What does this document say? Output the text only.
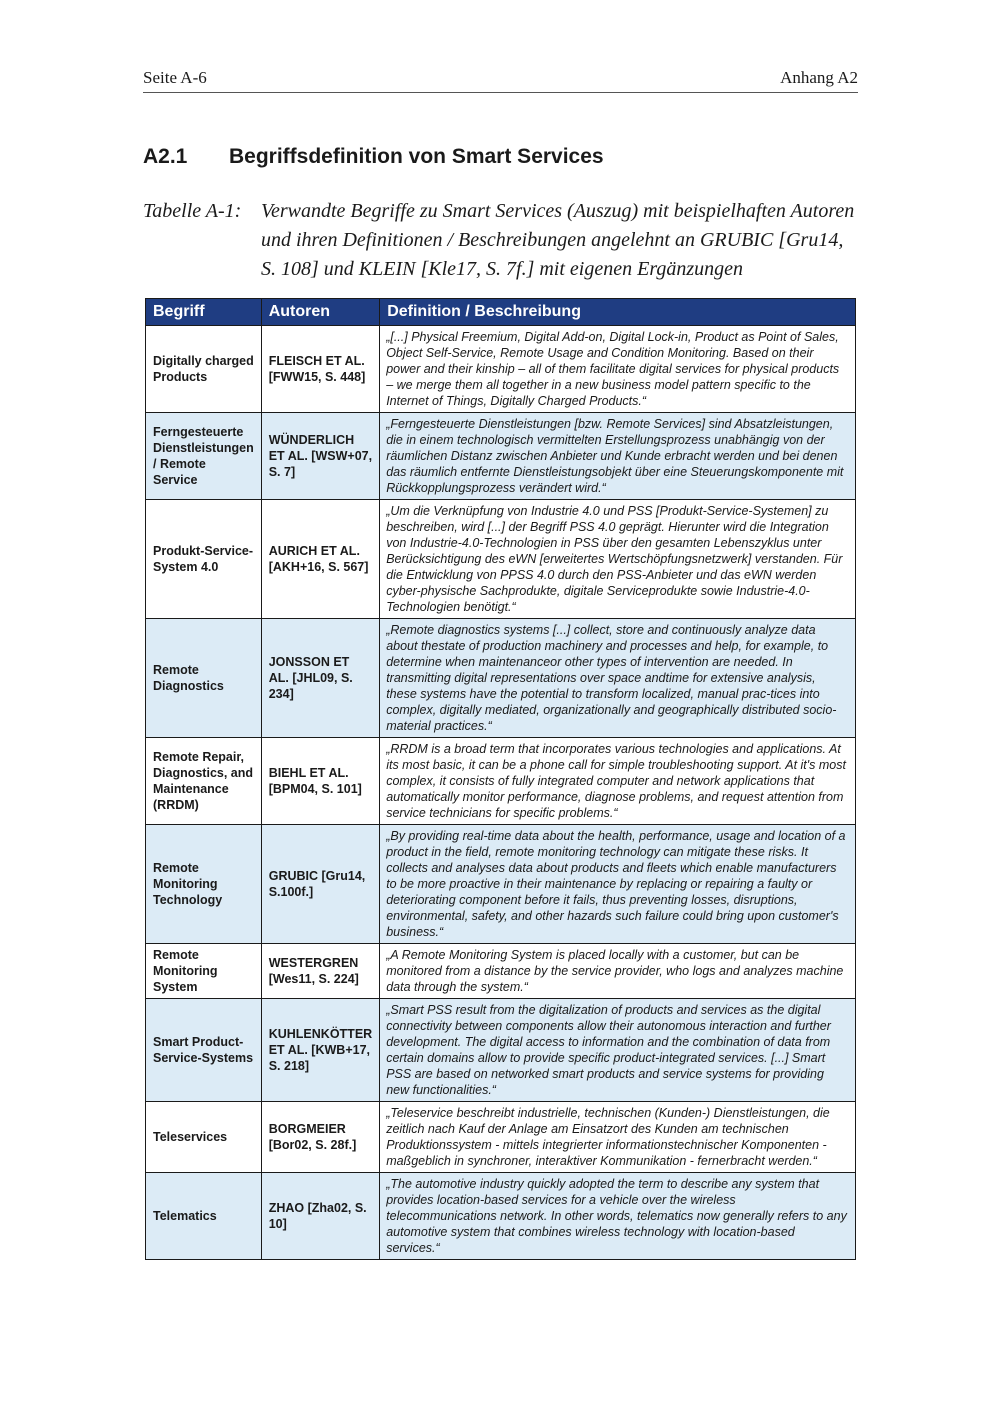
Seite A-6	Anhang A2
A2.1 Begriffsdefinition von Smart Services
Tabelle A-1: Verwandte Begriffe zu Smart Services (Auszug) mit beispielhaften Autoren und ihren Definitionen / Beschreibungen angelehnt an GRUBIC [Gru14, S. 108] und KLEIN [Kle17, S. 7f.] mit eigenen Ergänzungen
Begriff	Autoren	Definition / Beschreibung
Digitally charged Products	FLEISCH ET AL. [FWW15, S. 448]	„[...] Physical Freemium, Digital Add-on, Digital Lock-in, Product as Point of Sales, Object Self-Service, Remote Usage and Condition Monitoring. Based on their power and their kinship – all of them facilitate digital services for physical products – we merge them all together in a new business model pattern specific to the Internet of Things, Digitally Charged Products.“
Ferngesteuerte Dienstleistungen / Remote Service	WÜNDERLICH ET AL. [WSW+07, S. 7]	„Ferngesteuerte Dienstleistungen [bzw. Remote Services] sind Absatzleistungen, die in einem technologisch vermittelten Erstellungsprozess unabhängig von der räumlichen Distanz zwischen Anbieter und Kunde erbracht werden und bei denen das räumlich entfernte Dienstleistungsobjekt über eine Steuerungskomponente mit Rückkopplungsprozess verändert wird.“
Produkt-Service-System 4.0	AURICH ET AL. [AKH+16, S. 567]	„Um die Verknüpfung von Industrie 4.0 und PSS [Produkt-Service-Systemen] zu beschreiben, wird [...] der Begriff PSS 4.0 geprägt. Hierunter wird die Integration von Industrie-4.0-Technologien in PSS über den gesamten Lebenszyklus unter Berücksichtigung des eWN [erweitertes Wertschöpfungsnetzwerk] verstanden. Für die Entwicklung von PPSS 4.0 durch den PSS-Anbieter und das eWN werden cyber-physische Sachprodukte, digitale Serviceprodukte sowie Industrie-4.0-Technologien benötigt.“
Remote Diagnostics	JONSSON ET AL. [JHL09, S. 234]	„Remote diagnostics systems [...] collect, store and continuously analyze data about thestate of production machinery and processes and help, for example, to determine when maintenanceor other types of intervention are needed. In transmitting digital representations over space andtime for extensive analysis, these systems have the potential to transform localized, manual prac-tices into complex, digitally mediated, organizationally and geographically distributed socio-material practices.“
Remote Repair, Diagnostics, and Maintenance (RRDM)	BIEHL ET AL. [BPM04, S. 101]	„RRDM is a broad term that incorporates various technologies and applications. At its most basic, it can be a phone call for simple troubleshooting support. At it's most complex, it consists of fully integrated computer and network applications that automatically monitor performance, diagnose problems, and request attention from service technicians for specific problems.“
Remote Monitoring Technology	GRUBIC [Gru14, S.100f.]	„By providing real-time data about the health, performance, usage and location of a product in the field, remote monitoring technology can mitigate these risks. It collects and analyses data about products and fleets which enable manufacturers to be more proactive in their maintenance by replacing or repairing a faulty or deteriorating component before it fails, thus preventing losses, disruptions, environmental, safety, and other hazards such failure could bring upon customer's business.“
Remote Monitoring System	WESTERGREN [Wes11, S. 224]	„A Remote Monitoring System is placed locally with a customer, but can be monitored from a distance by the service provider, who logs and analyzes machine data through the system.“
Smart Product-Service-Systems	KUHLENKÖTTER ET AL. [KWB+17, S. 218]	„Smart PSS result from the digitalization of products and services as the digital connectivity between components allow their autonomous interaction and further development. The digital access to information and the combination of data from certain domains allow to provide specific product-integrated services. [...] Smart PSS are based on networked smart products and service systems for providing new functionalities.“
Teleservices	BORGMEIER [Bor02, S. 28f.]	„Teleservice beschreibt industrielle, technischen (Kunden-) Dienstleistungen, die zeitlich nach Kauf der Anlage am Einsatzort des Kunden am technischen Produktionssystem - mittels integrierter informationstechnischer Komponenten - maßgeblich in synchroner, interaktiver Kommunikation - fernerbracht werden.“
Telematics	ZHAO [Zha02, S. 10]	„The automotive industry quickly adopted the term to describe any system that provides location-based services for a vehicle over the wireless telecommunications network. In other words, telematics now generally refers to any automotive system that combines wireless technology with location-based services.“
